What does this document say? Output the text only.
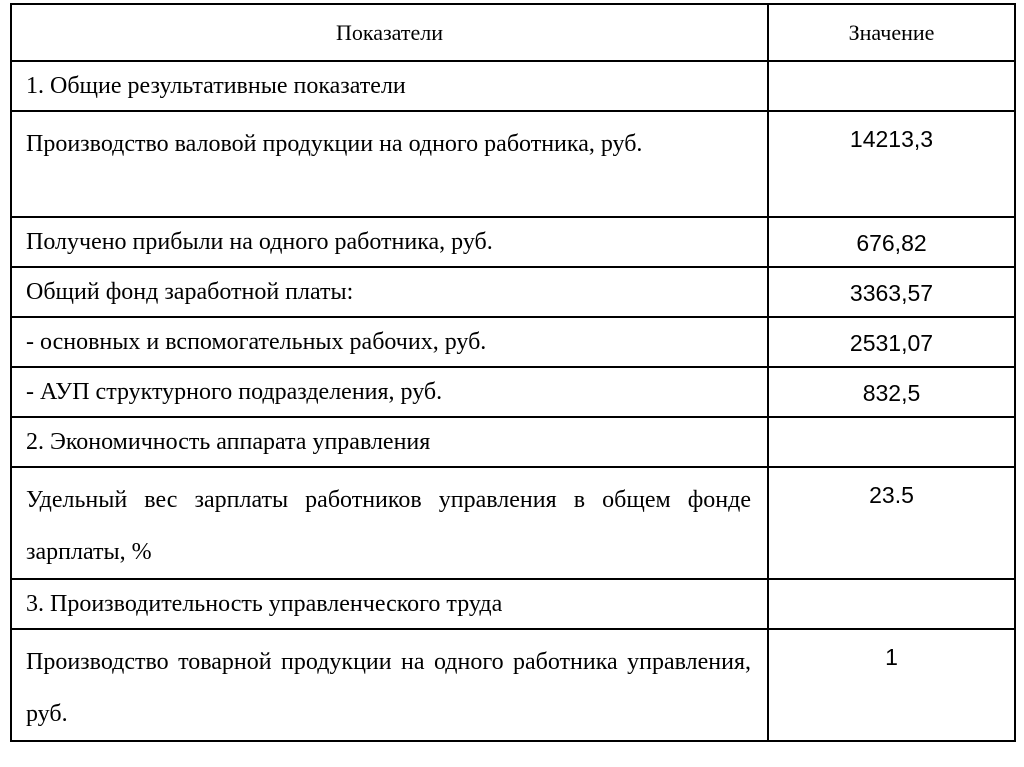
Показатели	Значение
1. Общие результативные показатели	
Производство валовой продукции на одного работника, руб.	14213,3
Получено прибыли на одного работника, руб.	676,82
Общий фонд заработной платы:	3363,57
- основных и вспомогательных рабочих, руб.	2531,07
- АУП структурного подразделения, руб.	832,5
2. Экономичность аппарата управления	
Удельный вес зарплаты работников управления в общем фонде зарплаты, %	23.5
3. Производительность управленческого труда	
Производство товарной продукции на одного работника управления, руб.	1
